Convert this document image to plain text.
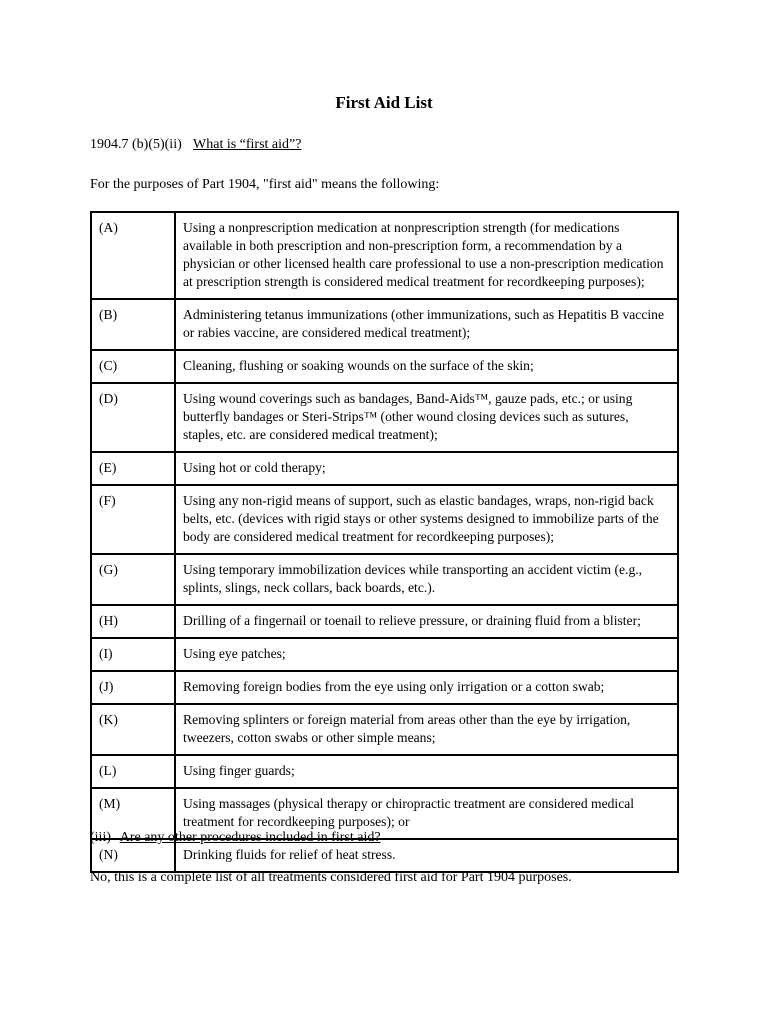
First Aid List
1904.7 (b)(5)(ii) What is “first aid”?
For the purposes of Part 1904, "first aid" means the following:
(A)	Using a nonprescription medication at nonprescription strength (for medications available in both prescription and non-prescription form, a recommendation by a physician or other licensed health care professional to use a non-prescription medication at prescription strength is considered medical treatment for recordkeeping purposes);
(B)	Administering tetanus immunizations (other immunizations, such as Hepatitis B vaccine or rabies vaccine, are considered medical treatment);
(C)	Cleaning, flushing or soaking wounds on the surface of the skin;
(D)	Using wound coverings such as bandages, Band-Aids™, gauze pads, etc.; or using butterfly bandages or Steri-Strips™ (other wound closing devices such as sutures, staples, etc. are considered medical treatment);
(E)	Using hot or cold therapy;
(F)	Using any non-rigid means of support, such as elastic bandages, wraps, non-rigid back belts, etc. (devices with rigid stays or other systems designed to immobilize parts of the body are considered medical treatment for recordkeeping purposes);
(G)	Using temporary immobilization devices while transporting an accident victim (e.g., splints, slings, neck collars, back boards, etc.).
(H)	Drilling of a fingernail or toenail to relieve pressure, or draining fluid from a blister;
(I)	Using eye patches;
(J)	Removing foreign bodies from the eye using only irrigation or a cotton swab;
(K)	Removing splinters or foreign material from areas other than the eye by irrigation, tweezers, cotton swabs or other simple means;
(L)	Using finger guards;
(M)	Using massages (physical therapy or chiropractic treatment are considered medical treatment for recordkeeping purposes); or
(N)	Drinking fluids for relief of heat stress.
(iii) Are any other procedures included in first aid?
No, this is a complete list of all treatments considered first aid for Part 1904 purposes.
